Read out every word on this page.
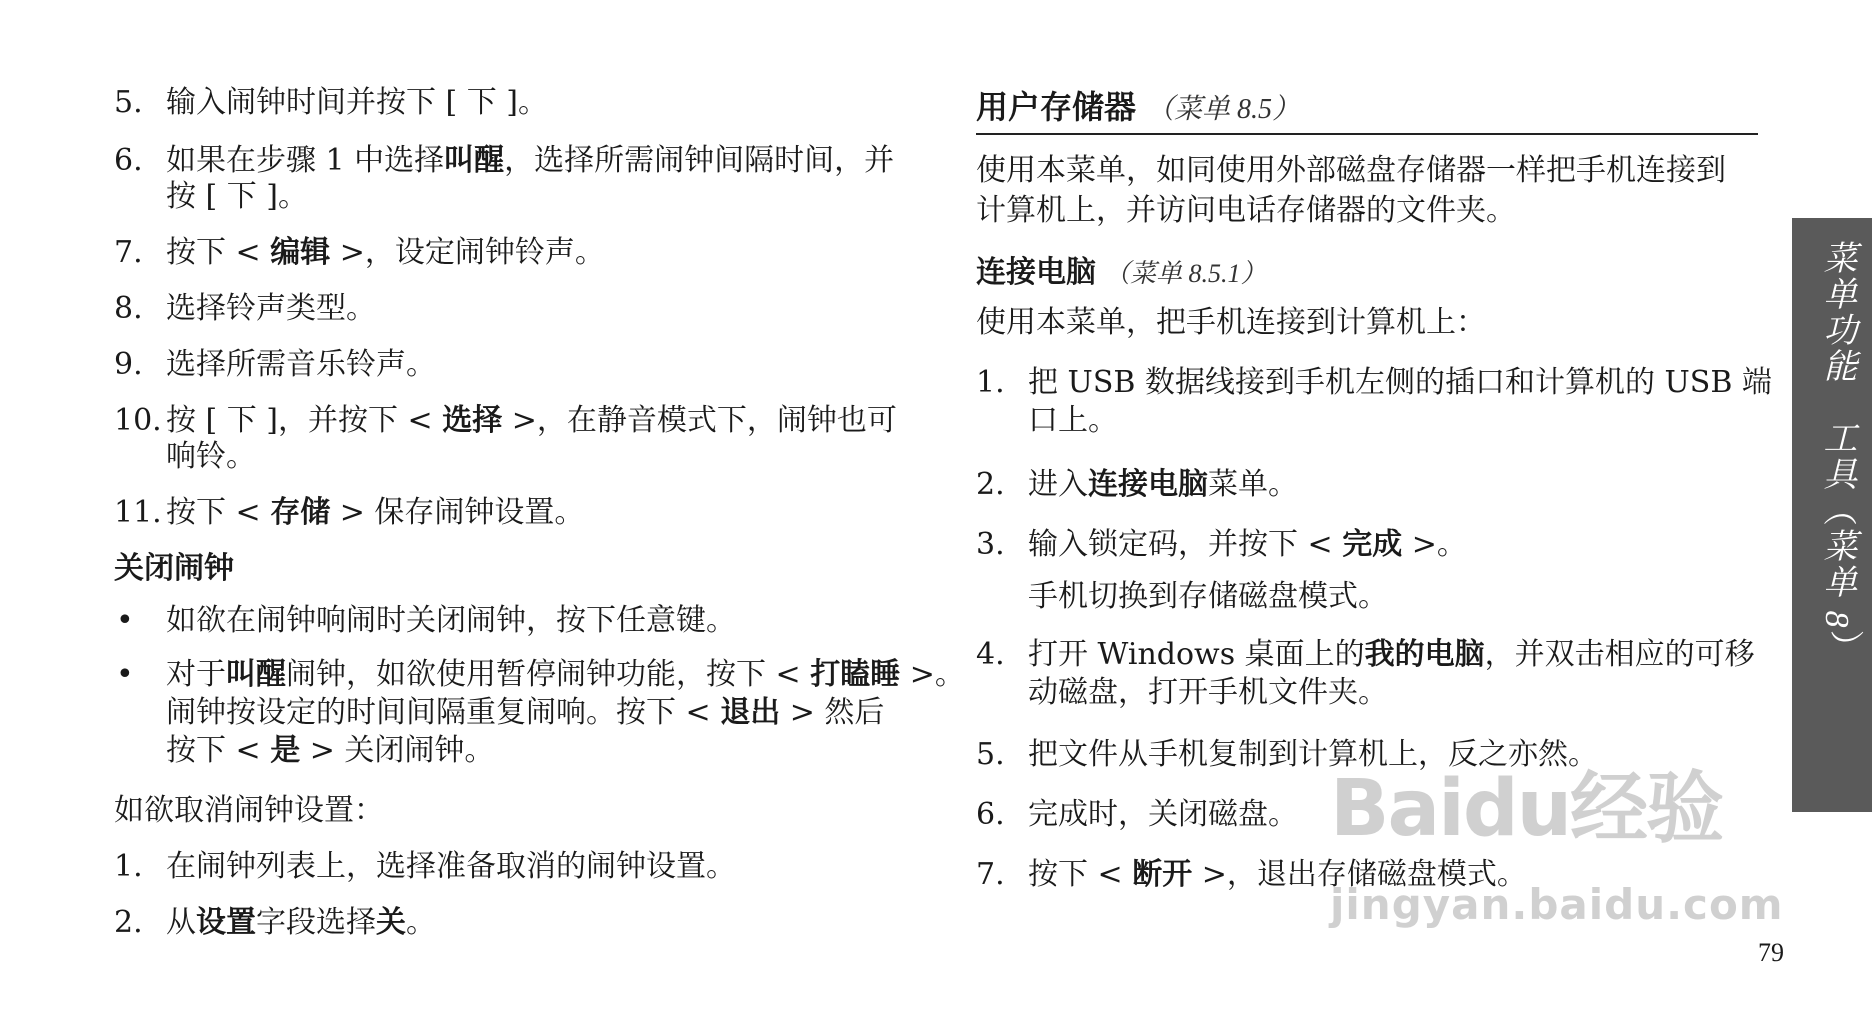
5. 输入闹钟时间并按下 [ 下 ]。
6. 如果在步骤 1 中选择叫醒，选择所需闹钟间隔时间，并
按 [ 下 ]。
7. 按下 < 编辑 >，设定闹钟铃声。
8. 选择铃声类型。
9. 选择所需音乐铃声。
10. 按 [ 下 ]，并按下 < 选择 >，在静音模式下，闹钟也可
响铃。
11. 按下 < 存储 > 保存闹钟设置。
关闭闹钟
• 如欲在闹钟响闹时关闭闹钟，按下任意键。
• 对于叫醒闹钟，如欲使用暂停闹钟功能，按下 < 打瞌睡 >。
闹钟按设定的时间间隔重复闹响。按下 < 退出 > 然后
按下 < 是 > 关闭闹钟。
如欲取消闹钟设置：
1. 在闹钟列表上，选择准备取消的闹钟设置。
2. 从设置字段选择关。
用户存储器 （菜单 8.5）
使用本菜单，如同使用外部磁盘存储器一样把手机连接到
计算机上，并访问电话存储器的文件夹。
连接电脑 （菜单 8.5.1）
使用本菜单，把手机连接到计算机上：
1. 把 USB 数据线接到手机左侧的插口和计算机的 USB 端
口上。
2. 进入连接电脑菜单。
3. 输入锁定码，并按下 < 完成 >。
手机切换到存储磁盘模式。
4. 打开 Windows 桌面上的我的电脑，并双击相应的可移
动磁盘，打开手机文件夹。
5. 把文件从手机复制到计算机上，反之亦然。
6. 完成时，关闭磁盘。
7. 按下 < 断开 >，退出存储磁盘模式。
菜单功能　工具（菜单 8）
Baidu经验
jingyan.baidu.com
79
